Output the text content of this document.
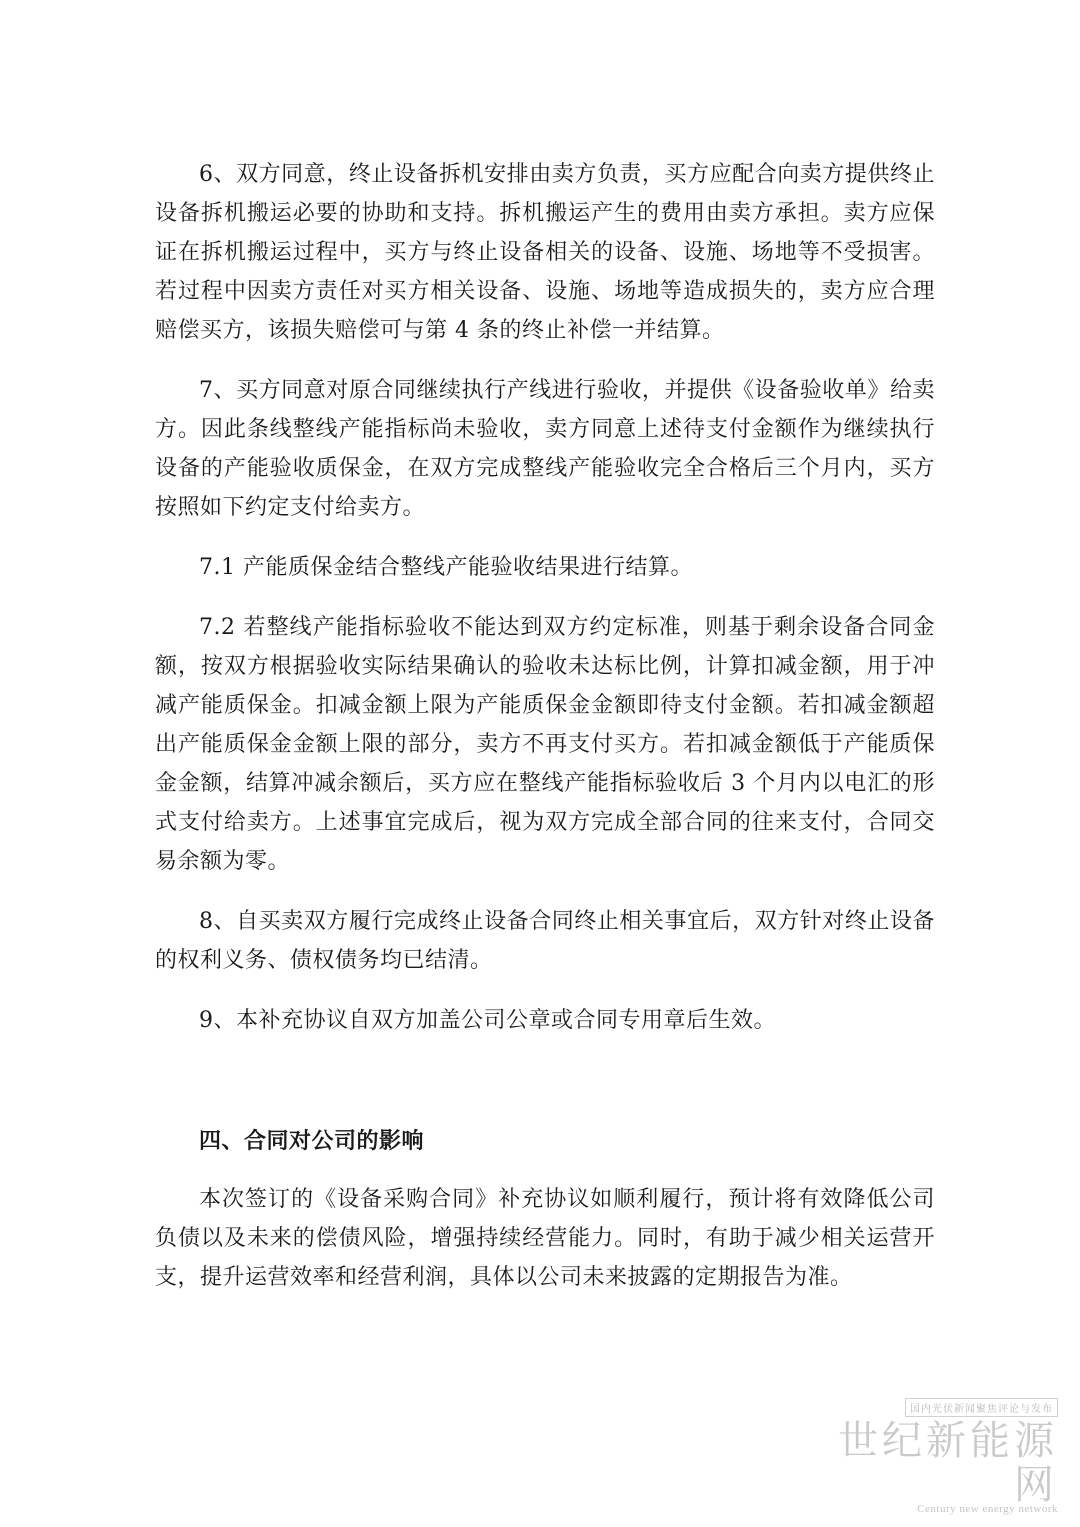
6、双方同意，终止设备拆机安排由卖方负责，买方应配合向卖方提供终止设备拆机搬运必要的协助和支持。拆机搬运产生的费用由卖方承担。卖方应保证在拆机搬运过程中，买方与终止设备相关的设备、设施、场地等不受损害。若过程中因卖方责任对买方相关设备、设施、场地等造成损失的，卖方应合理赔偿买方，该损失赔偿可与第 4 条的终止补偿一并结算。

7、买方同意对原合同继续执行产线进行验收，并提供《设备验收单》给卖方。因此条线整线产能指标尚未验收，卖方同意上述待支付金额作为继续执行设备的产能验收质保金，在双方完成整线产能验收完全合格后三个月内，买方按照如下约定支付给卖方。

7.1 产能质保金结合整线产能验收结果进行结算。

7.2 若整线产能指标验收不能达到双方约定标准，则基于剩余设备合同金额，按双方根据验收实际结果确认的验收未达标比例，计算扣减金额，用于冲减产能质保金。扣减金额上限为产能质保金金额即待支付金额。若扣减金额超出产能质保金金额上限的部分，卖方不再支付买方。若扣减金额低于产能质保金金额，结算冲减余额后，买方应在整线产能指标验收后 3 个月内以电汇的形式支付给卖方。上述事宜完成后，视为双方完成全部合同的往来支付，合同交易余额为零。

8、自买卖双方履行完成终止设备合同终止相关事宜后，双方针对终止设备的权利义务、债权债务均已结清。

9、本补充协议自双方加盖公司公章或合同专用章后生效。

四、合同对公司的影响

本次签订的《设备采购合同》补充协议如顺利履行，预计将有效降低公司负债以及未来的偿债风险，增强持续经营能力。同时，有助于减少相关运营开支，提升运营效率和经营利润，具体以公司未来披露的定期报告为准。

国内光伏新闻聚焦评论与发布
世纪新能源网
Century new energy network
